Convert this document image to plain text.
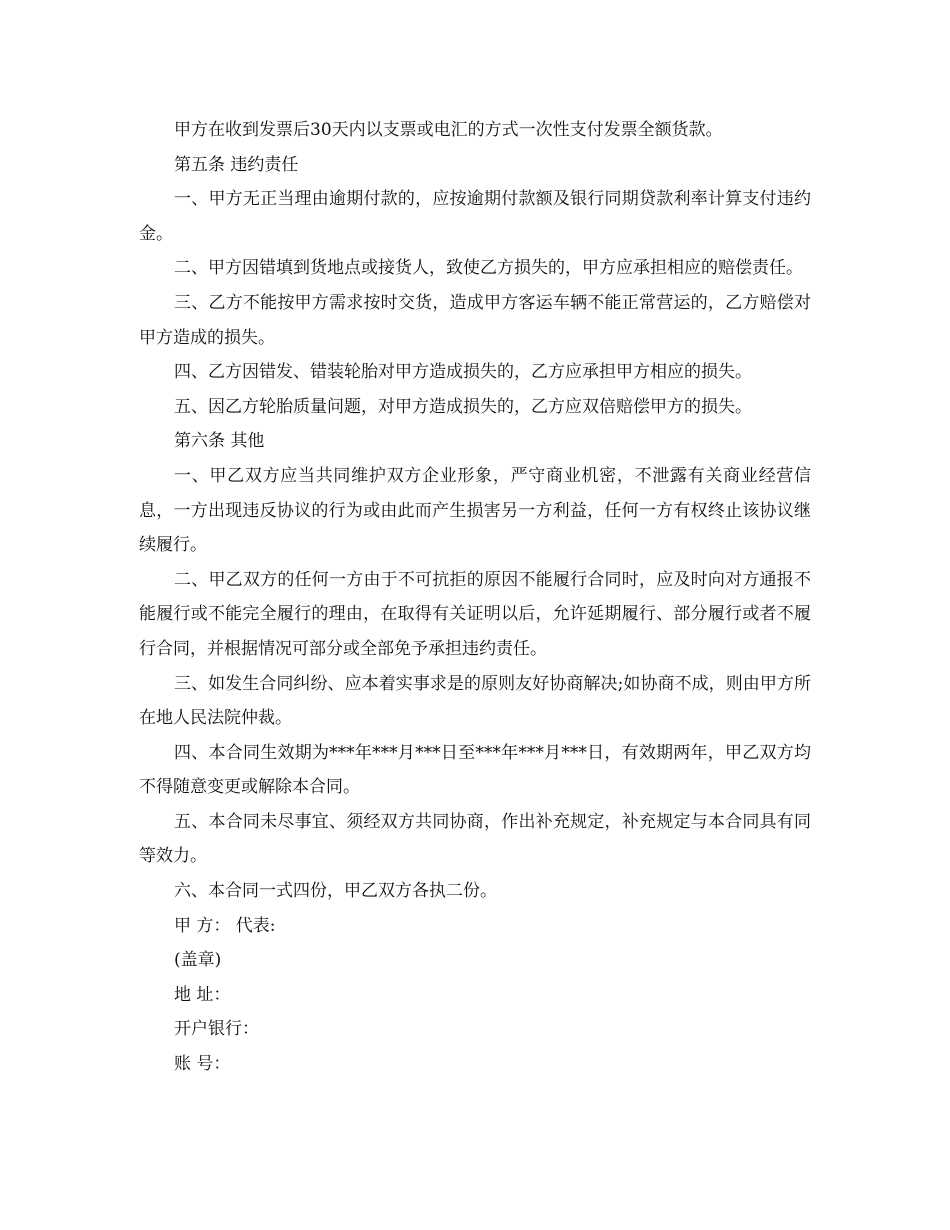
甲方在收到发票后30天内以支票或电汇的方式一次性支付发票全额货款。

第五条 违约责任

一、甲方无正当理由逾期付款的，应按逾期付款额及银行同期贷款利率计算支付违约金。

二、甲方因错填到货地点或接货人，致使乙方损失的，甲方应承担相应的赔偿责任。

三、乙方不能按甲方需求按时交货，造成甲方客运车辆不能正常营运的，乙方赔偿对甲方造成的损失。

四、乙方因错发、错装轮胎对甲方造成损失的，乙方应承担甲方相应的损失。

五、因乙方轮胎质量问题，对甲方造成损失的，乙方应双倍赔偿甲方的损失。

第六条 其他

一、甲乙双方应当共同维护双方企业形象，严守商业机密，不泄露有关商业经营信息，一方出现违反协议的行为或由此而产生损害另一方利益，任何一方有权终止该协议继续履行。

二、甲乙双方的任何一方由于不可抗拒的原因不能履行合同时，应及时向对方通报不能履行或不能完全履行的理由，在取得有关证明以后，允许延期履行、部分履行或者不履行合同，并根据情况可部分或全部免予承担违约责任。

三、如发生合同纠纷、应本着实事求是的原则友好协商解决;如协商不成，则由甲方所在地人民法院仲裁。

四、本合同生效期为***年***月***日至***年***月***日，有效期两年，甲乙双方均不得随意变更或解除本合同。

五、本合同未尽事宜、须经双方共同协商，作出补充规定，补充规定与本合同具有同等效力。

六、本合同一式四份，甲乙双方各执二份。

甲 方： 代表:

(盖章)

地 址：

开户银行：

账 号：
